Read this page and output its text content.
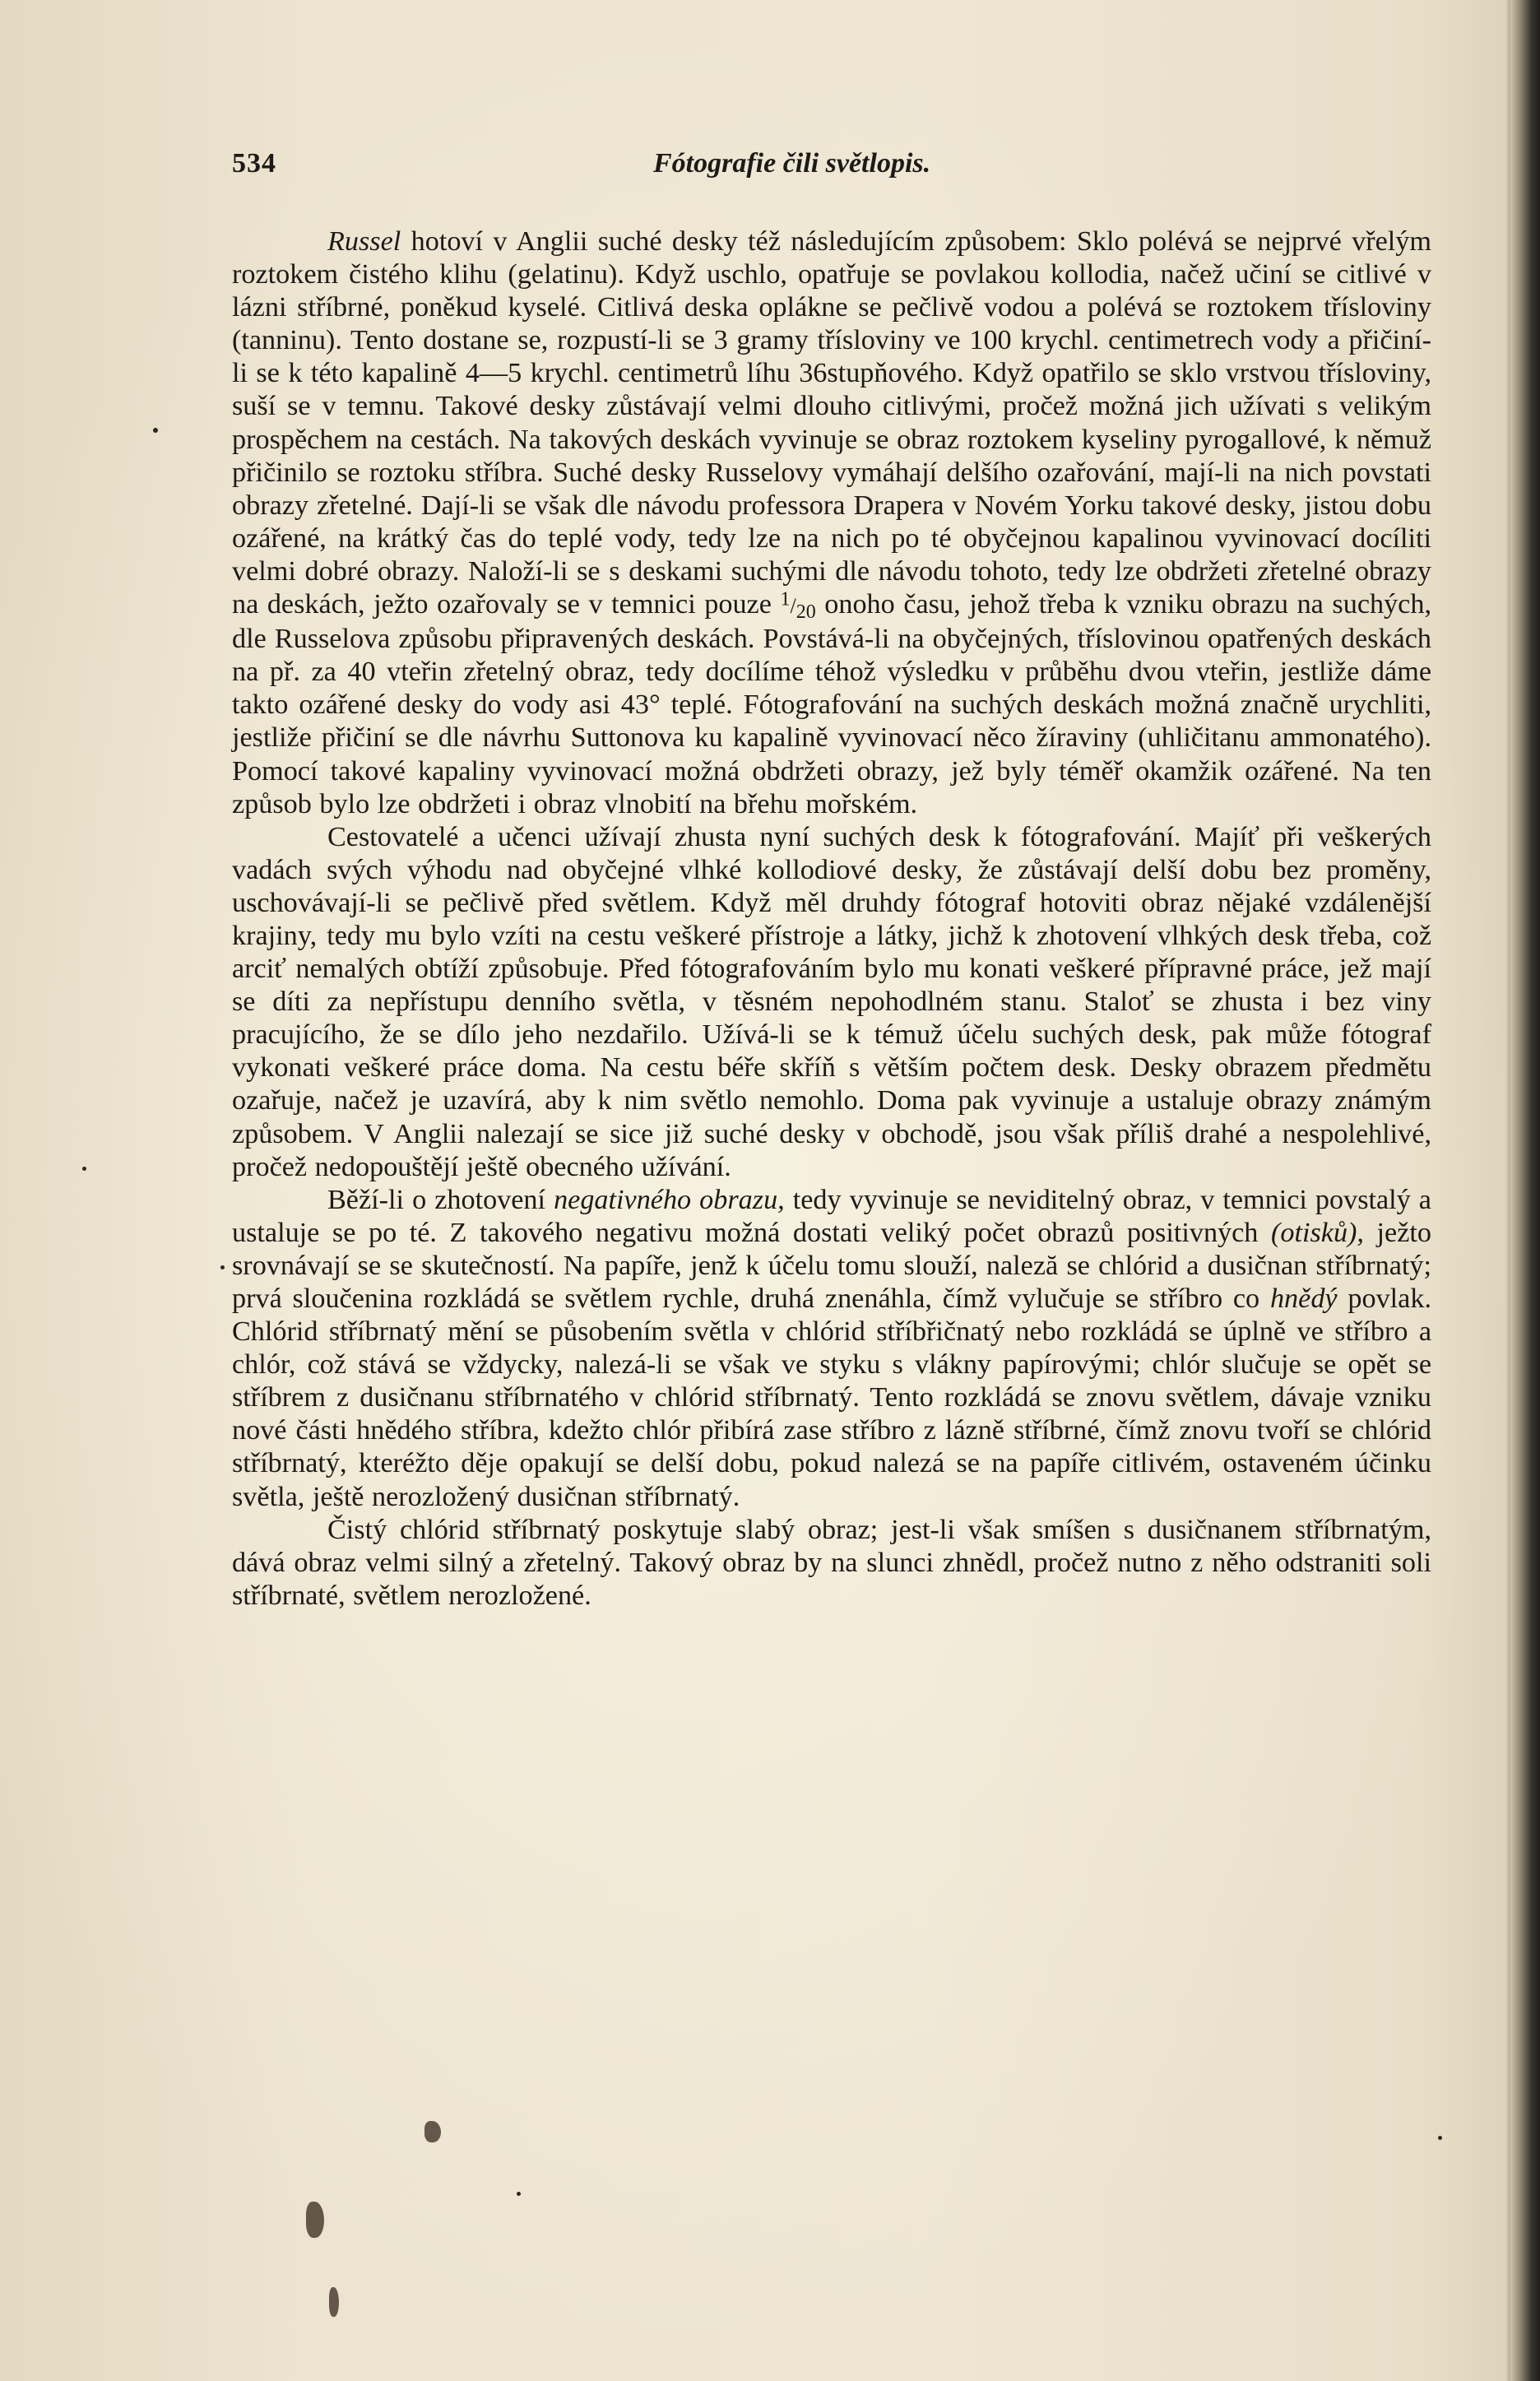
534	Fótografie čili světlopis.

Russel hotoví v Anglii suché desky též následujícím způsobem: Sklo polévá se nejprvé vřelým roztokem čistého klihu (gelatinu). Když uschlo, opatřuje se povlakou kollodia, načež učiní se citlivé v lázni stříbrné, poněkud kyselé. Citlivá deska oplákne se pečlivě vodou a polévá se roztokem třísloviny (tanninu). Tento dostane se, rozpustí-li se 3 gramy třísloviny ve 100 krychl. centimetrech vody a přičiní-li se k této kapalině 4—5 krychl. centimetrů líhu 36stupňového. Když opatřilo se sklo vrstvou třísloviny, suší se v temnu. Takové desky zůstávají velmi dlouho citlivými, pročež možná jich užívati s velikým prospěchem na cestách. Na takových deskách vyvinuje se obraz roztokem kyseliny pyrogallové, k němuž přičinilo se roztoku stříbra. Suché desky Russelovy vymáhají delšího ozařování, mají-li na nich povstati obrazy zřetelné. Dají-li se však dle návodu professora Drapera v Novém Yorku takové desky, jistou dobu ozářené, na krátký čas do teplé vody, tedy lze na nich po té obyčejnou kapalinou vyvinovací docíliti velmi dobré obrazy. Naloží-li se s deskami suchými dle návodu tohoto, tedy lze obdržeti zřetelné obrazy na deskách, ježto ozařovaly se v temnici pouze $^1/_{20}$ onoho času, jehož třeba k vzniku obrazu na suchých, dle Russelova způsobu připravených deskách. Povstává-li na obyčejných, tříslovinou opatřených deskách na př. za 40 vteřin zřetelný obraz, tedy docílíme téhož výsledku v průběhu dvou vteřin, jestliže dáme takto ozářené desky do vody asi 43° teplé. Fótografování na suchých deskách možná značně urychliti, jestliže přičiní se dle návrhu Suttonova ku kapalině vyvinovací něco žíraviny (uhličitanu ammonatého). Pomocí takové kapaliny vyvinovací možná obdržeti obrazy, jež byly téměř okamžik ozářené. Na ten způsob bylo lze obdržeti i obraz vlnobití na břehu mořském.

Cestovatelé a učenci užívají zhusta nyní suchých desk k fótografování. Majíť při veškerých vadách svých výhodu nad obyčejné vlhké kollodiové desky, že zůstávají delší dobu bez proměny, uschovávají-li se pečlivě před světlem. Když měl druhdy fótograf hotoviti obraz nějaké vzdálenější krajiny, tedy mu bylo vzíti na cestu veškeré přístroje a látky, jichž k zhotovení vlhkých desk třeba, což arciť nemalých obtíží způsobuje. Před fótografováním bylo mu konati veškeré přípravné práce, jež mají se díti za nepřístupu denního světla, v těsném nepohodlném stanu. Staloť se zhusta i bez viny pracujícího, že se dílo jeho nezdařilo. Užívá-li se k témuž účelu suchých desk, pak může fótograf vykonati veškeré práce doma. Na cestu béře skříň s větším počtem desk. Desky obrazem předmětu ozařuje, načež je uzavírá, aby k nim světlo nemohlo. Doma pak vyvinuje a ustaluje obrazy známým způsobem. V Anglii nalezají se sice již suché desky v obchodě, jsou však příliš drahé a nespolehlivé, pročež nedopouštějí ještě obecného užívání.

Běží-li o zhotovení negativného obrazu, tedy vyvinuje se neviditelný obraz, v temnici povstalý a ustaluje se po té. Z takového negativu možná dostati veliký počet obrazů positivných (otisků), ježto srovnávají se se skutečností. Na papíře, jenž k účelu tomu slouží, naleză se chlórid a dusičnan stříbrnatý; prvá sloučenina rozkládá se světlem rychle, druhá znenáhla, čímž vylučuje se stříbro co hnědý povlak. Chlórid stříbrnatý mění se působením světla v chlórid stříbřičnatý nebo rozkládá se úplně ve stříbro a chlór, což stává se vždycky, nalezá-li se však ve styku s vlákny papírovými; chlór slučuje se opět se stříbrem z dusičnanu stříbrnatého v chlórid stříbrnatý. Tento rozkládá se znovu světlem, dávaje vzniku nové části hnědého stříbra, kdežto chlór přibírá zase stříbro z lázně stříbrné, čímž znovu tvoří se chlórid stříbrnatý, kteréžto děje opakují se delší dobu, pokud nalezá se na papíře citlivém, ostaveném účinku světla, ještě nerozložený dusičnan stříbrnatý.

Čistý chlórid stříbrnatý poskytuje slabý obraz; jest-li však smíšen s dusičnanem stříbrnatým, dává obraz velmi silný a zřetelný. Takový obraz by na slunci zhnědl, pročež nutno z něho odstraniti soli stříbrnaté, světlem nerozložené.
